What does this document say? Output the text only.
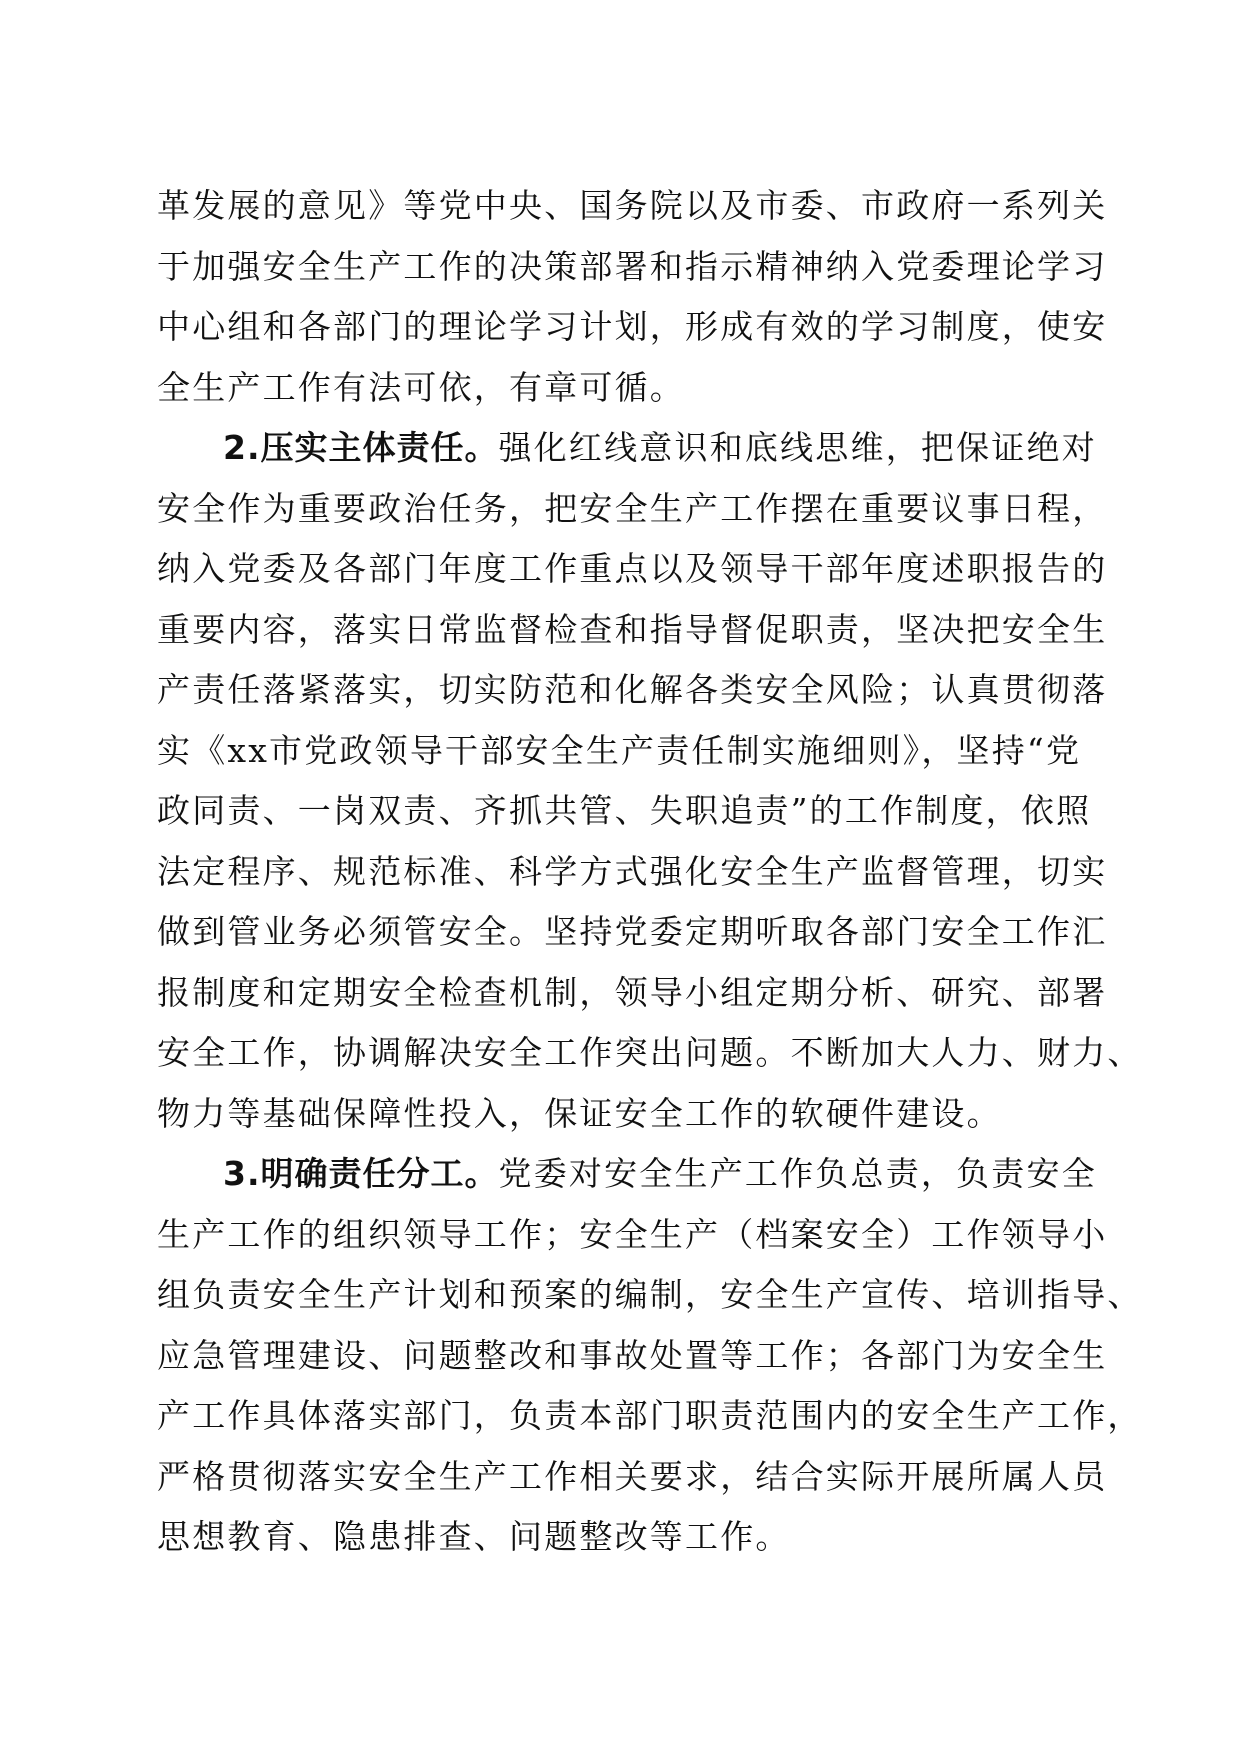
革发展的意见》等党中央、国务院以及市委、市政府一系列关
于加强安全生产工作的决策部署和指示精神纳入党委理论学习
中心组和各部门的理论学习计划，形成有效的学习制度，使安
全生产工作有法可依，有章可循。
2.压实主体责任。强化红线意识和底线思维，把保证绝对
安全作为重要政治任务，把安全生产工作摆在重要议事日程，
纳入党委及各部门年度工作重点以及领导干部年度述职报告的
重要内容，落实日常监督检查和指导督促职责，坚决把安全生
产责任落紧落实，切实防范和化解各类安全风险；认真贯彻落
实《xx市党政领导干部安全生产责任制实施细则》，坚持“党
政同责、一岗双责、齐抓共管、失职追责”的工作制度，依照
法定程序、规范标准、科学方式强化安全生产监督管理，切实
做到管业务必须管安全。坚持党委定期听取各部门安全工作汇
报制度和定期安全检查机制，领导小组定期分析、研究、部署
安全工作，协调解决安全工作突出问题。不断加大人力、财力、
物力等基础保障性投入，保证安全工作的软硬件建设。
3.明确责任分工。党委对安全生产工作负总责，负责安全
生产工作的组织领导工作；安全生产（档案安全）工作领导小
组负责安全生产计划和预案的编制，安全生产宣传、培训指导、
应急管理建设、问题整改和事故处置等工作；各部门为安全生
产工作具体落实部门，负责本部门职责范围内的安全生产工作，
严格贯彻落实安全生产工作相关要求，结合实际开展所属人员
思想教育、隐患排查、问题整改等工作。
